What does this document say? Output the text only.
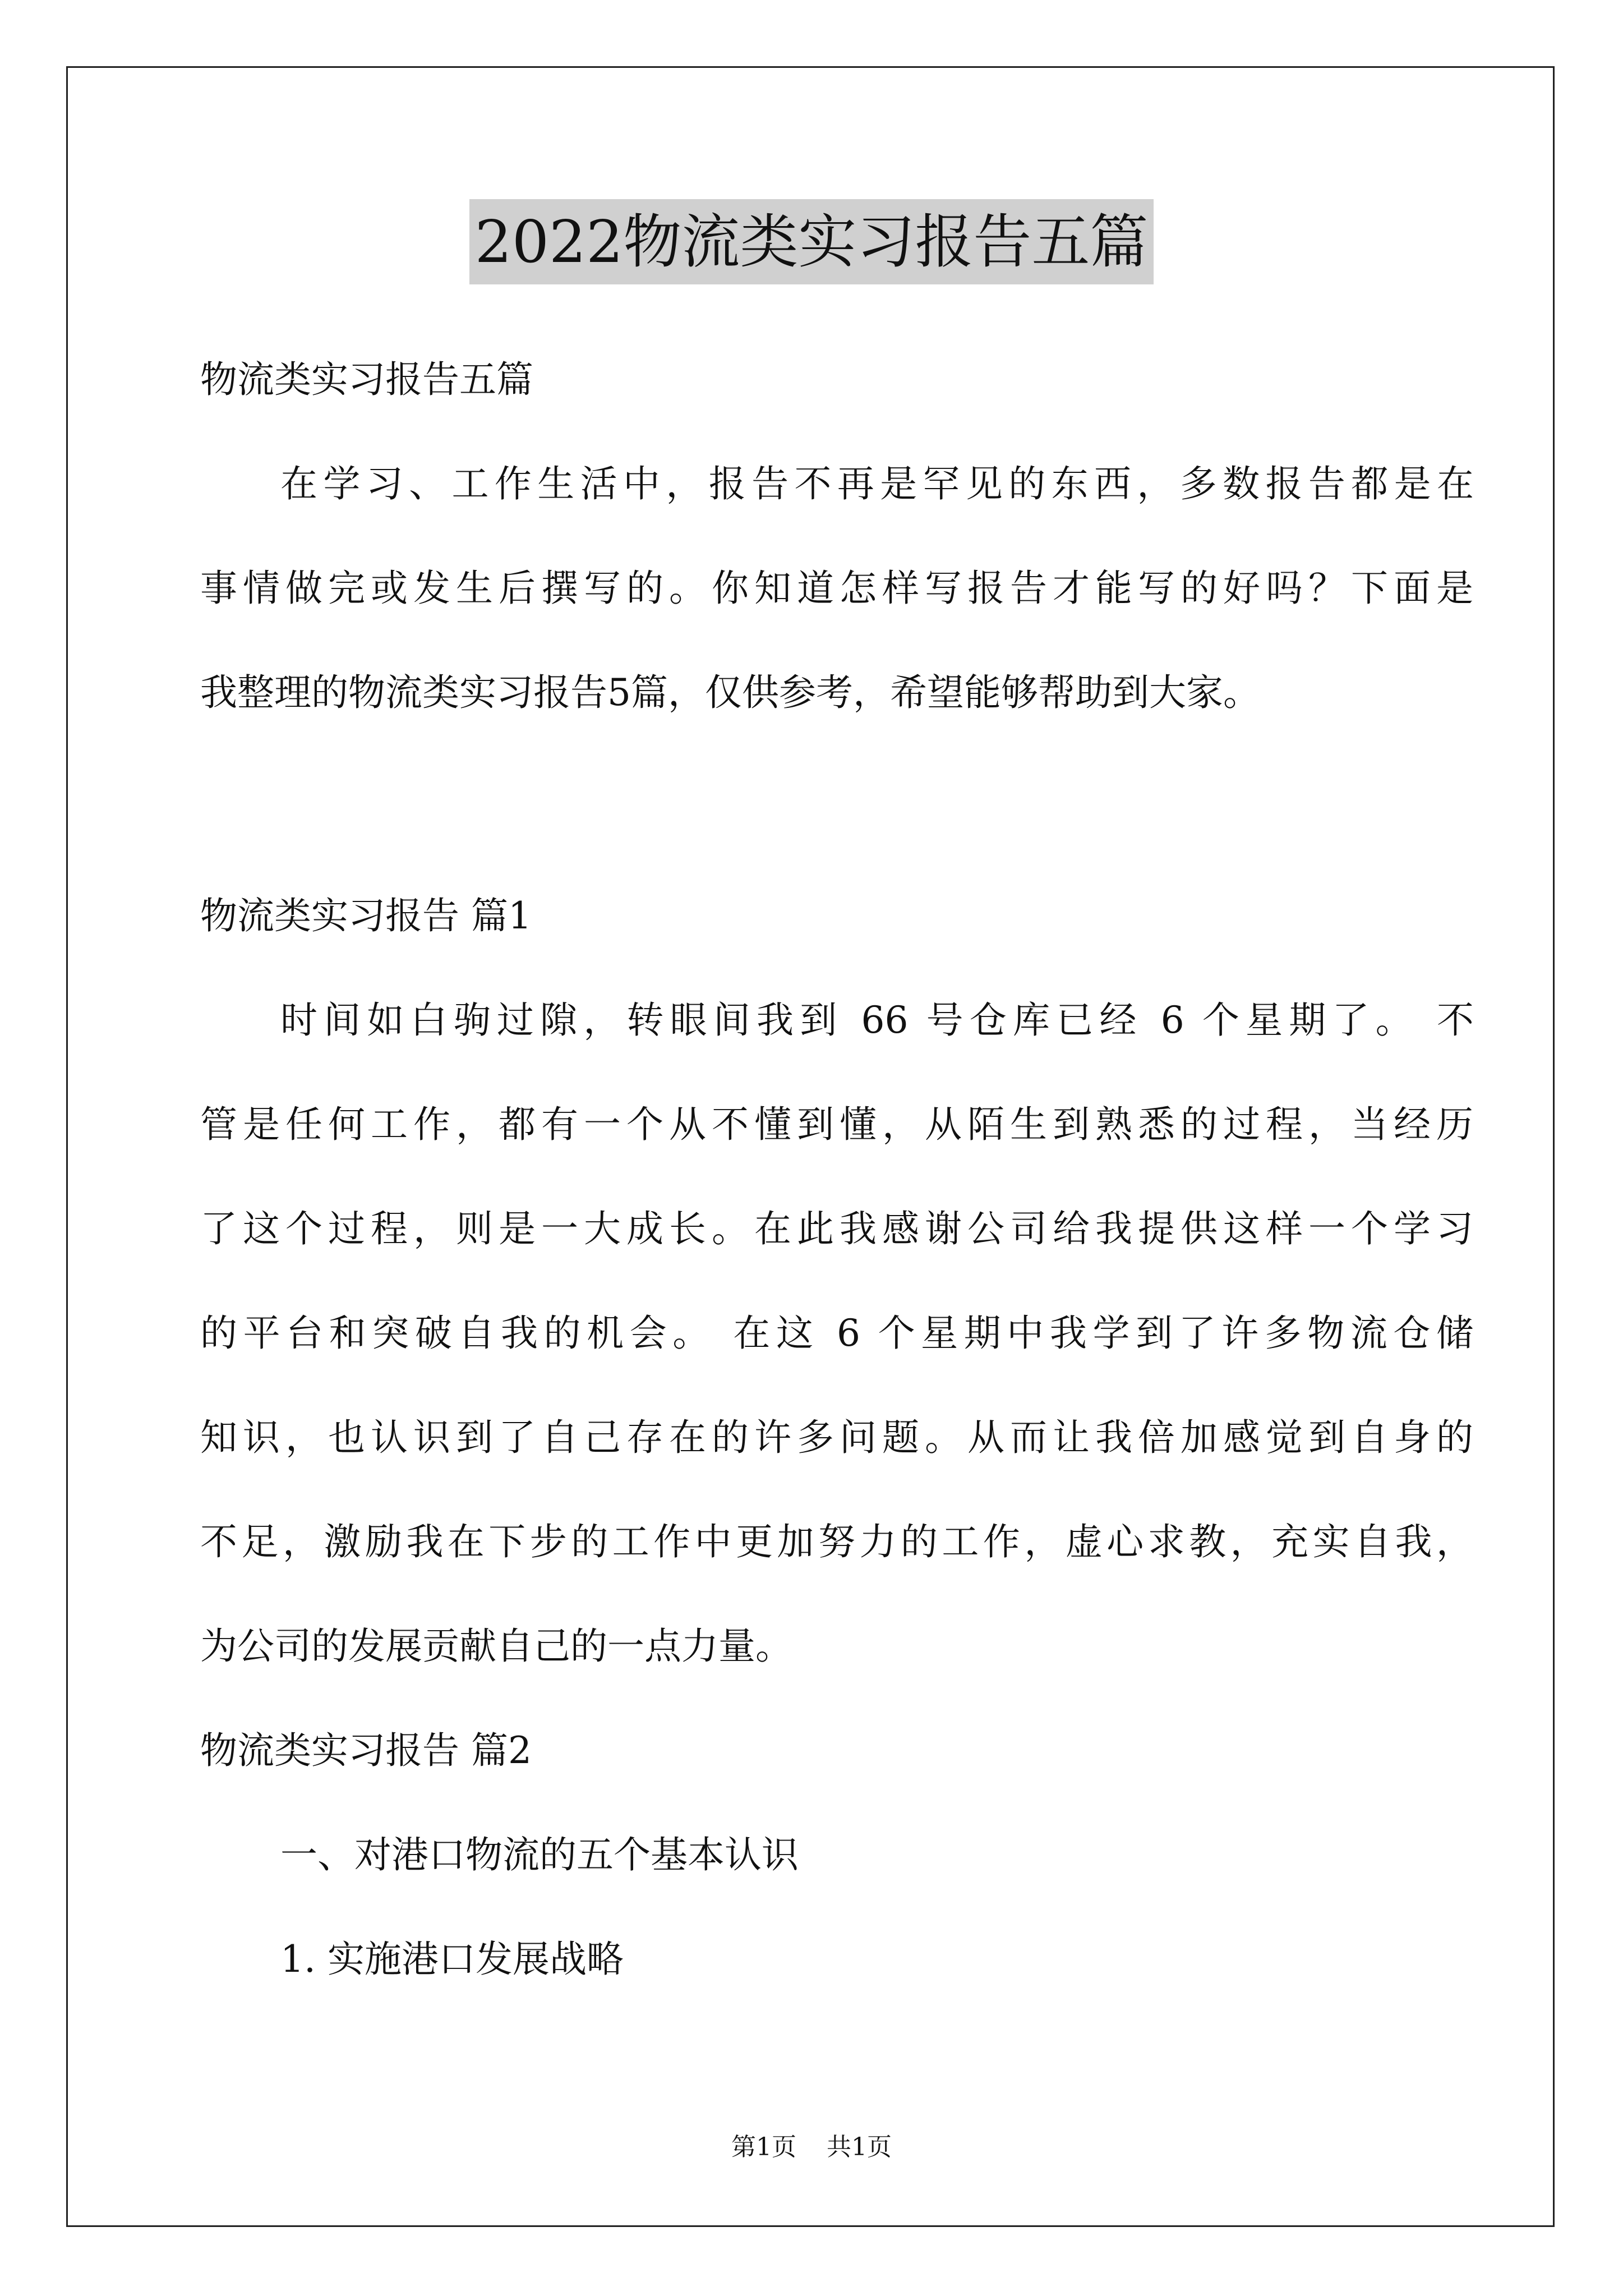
2022物流类实习报告五篇
物流类实习报告五篇
在学习、工作生活中，报告不再是罕见的东西，多数报告都是在
事情做完或发生后撰写的。你知道怎样写报告才能写的好吗？下面是
我整理的物流类实习报告5篇，仅供参考，希望能够帮助到大家。
物流类实习报告 篇1
时间如白驹过隙，转眼间我到 66 号仓库已经 6 个星期了。 不
管是任何工作，都有一个从不懂到懂，从陌生到熟悉的过程，当经历
了这个过程，则是一大成长。在此我感谢公司给我提供这样一个学习
的平台和突破自我的机会。 在这 6 个星期中我学到了许多物流仓储
知识，也认识到了自己存在的许多问题。从而让我倍加感觉到自身的
不足，激励我在下步的工作中更加努力的工作，虚心求教，充实自我，
为公司的发展贡献自己的一点力量。
物流类实习报告 篇2
一、对港口物流的五个基本认识
1. 实施港口发展战略
第1页 共1页
